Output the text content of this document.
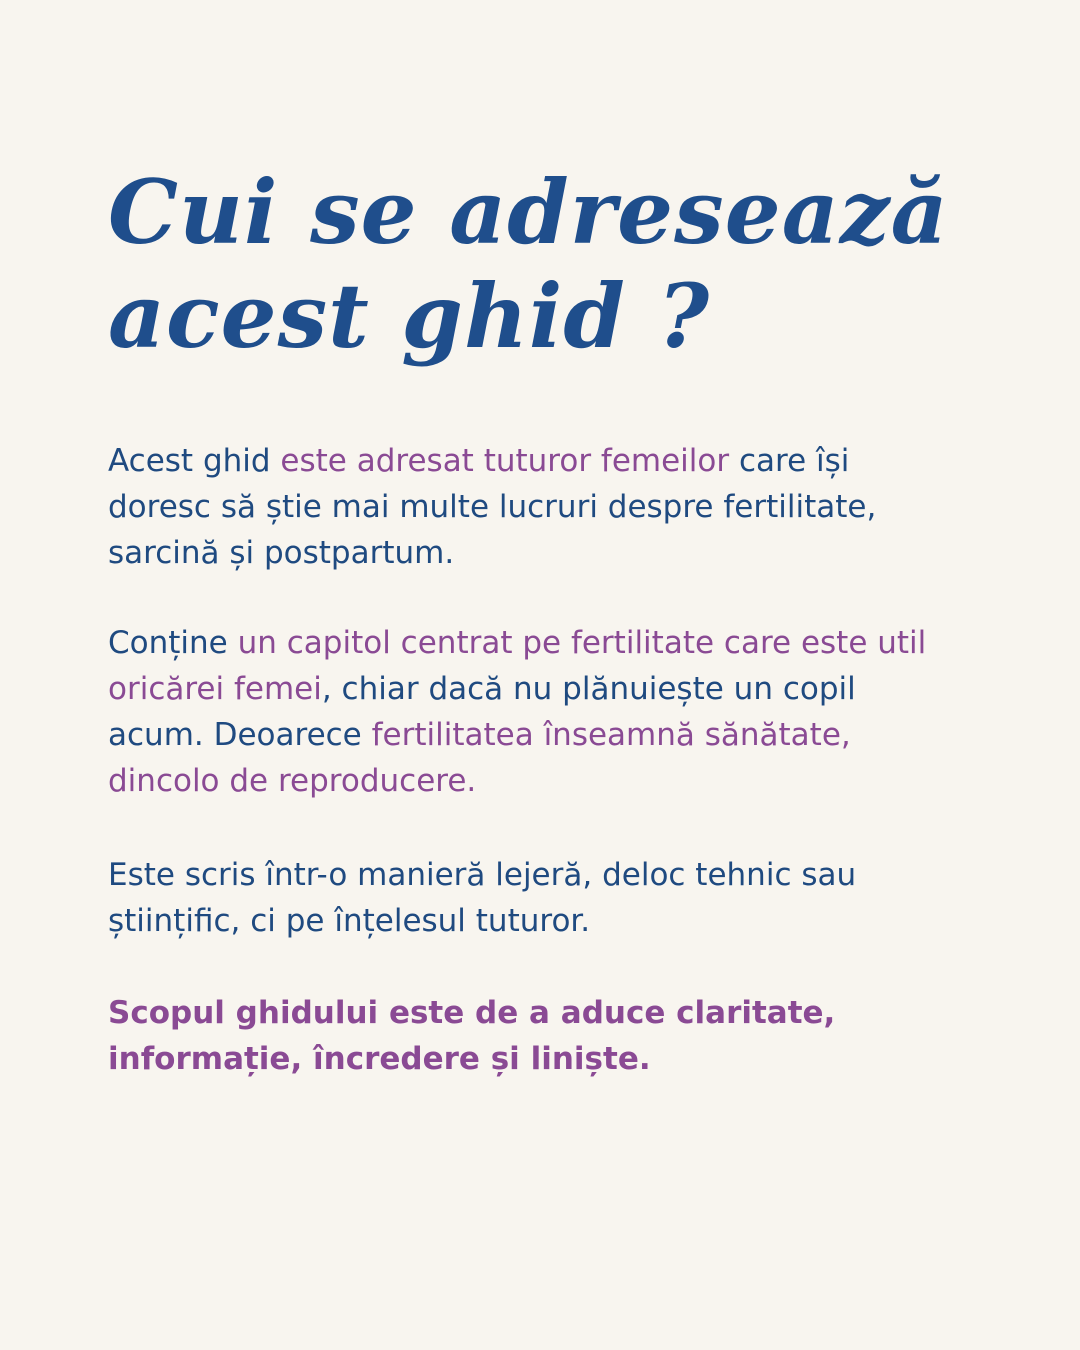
Cui se adresează
acest ghid ?

Acest ghid este adresat tuturor femeilor care își
doresc să știe mai multe lucruri despre fertilitate,
sarcină și postpartum.

Conține un capitol centrat pe fertilitate care este util
oricărei femei, chiar dacă nu plănuiește un copil
acum. Deoarece fertilitatea înseamnă sănătate,
dincolo de reproducere.

Este scris într-o manieră lejeră, deloc tehnic sau
științific, ci pe înțelesul tuturor.

Scopul ghidului este de a aduce claritate,
informație, încredere și liniște.
